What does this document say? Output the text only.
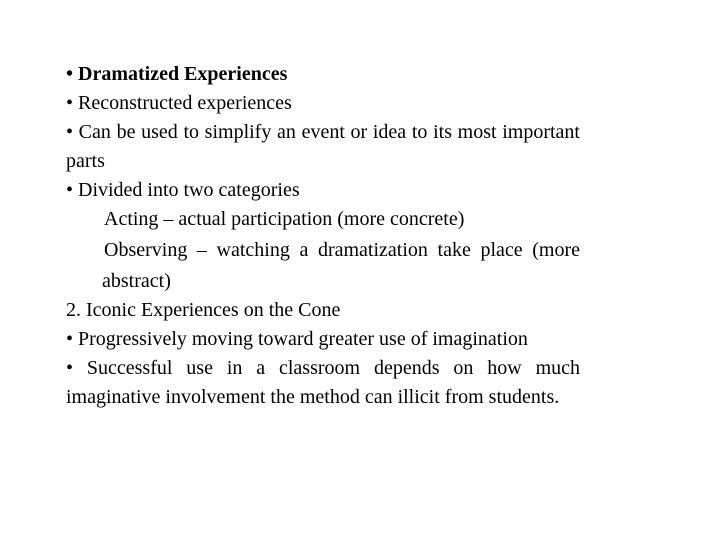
• Dramatized Experiences
• Reconstructed experiences
• Can be used to simplify an event or idea to its most important parts
• Divided into two categories
Acting – actual participation (more concrete)
Observing – watching a dramatization take place (more abstract)
2. Iconic Experiences on the Cone
• Progressively moving toward greater use of imagination
• Successful use in a classroom depends on how much imaginative involvement the method can illicit from students.
